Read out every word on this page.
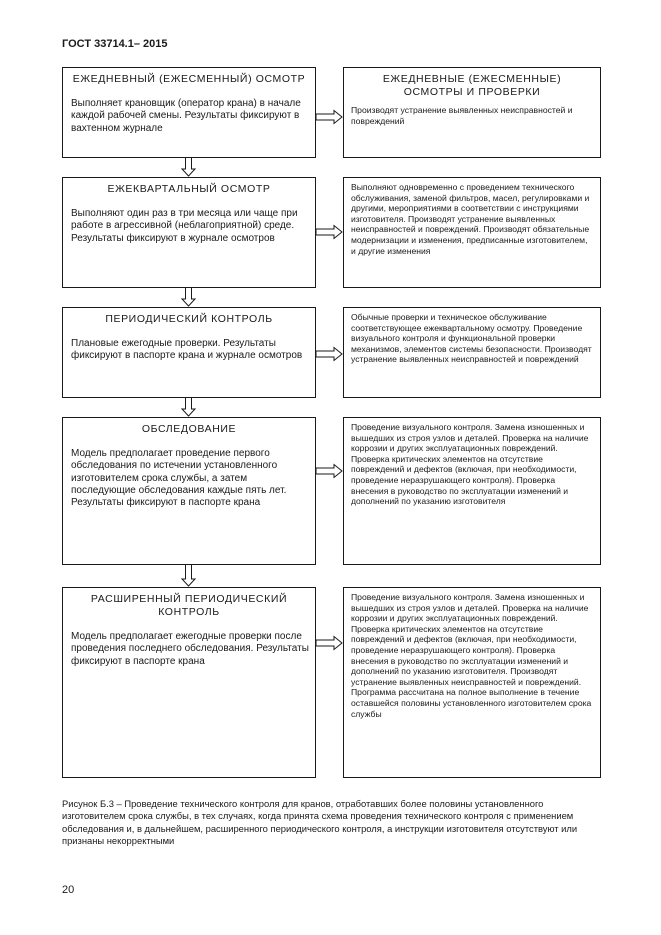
ГОСТ 33714.1– 2015
ЕЖЕДНЕВНЫЙ (ЕЖЕСМЕННЫЙ) ОСМОТР
Выполняет крановщик (оператор крана) в начале каждой рабочей смены. Результаты фиксируют в вахтенном журнале
ЕЖЕДНЕВНЫЕ (ЕЖЕСМЕННЫЕ) ОСМОТРЫ И ПРОВЕРКИ
Производят устранение выявленных неисправностей и повреждений
ЕЖЕКВАРТАЛЬНЫЙ ОСМОТР
Выполняют один раз в три месяца или чаще при работе в агрессивной (неблагоприятной) среде. Результаты фиксируют в журнале осмотров
Выполняют одновременно с проведением технического обслуживания, заменой фильтров, масел, регулировками и другими, мероприятиями в соответствии с инструкциями изготовителя. Производят устранение выявленных неисправностей и повреждений. Производят обязательные модернизации и изменения, предписанные изготовителем, и другие изменения
ПЕРИОДИЧЕСКИЙ КОНТРОЛЬ
Плановые ежегодные проверки. Результаты фиксируют в паспорте крана и журнале осмотров
Обычные проверки и техническое обслуживание соответствующее ежеквартальному осмотру. Проведение визуального контроля и функциональной проверки механизмов, элементов системы безопасности. Производят устранение выявленных неисправностей и повреждений
ОБСЛЕДОВАНИЕ
Модель предполагает проведение первого обследования по истечении установленного изготовителем срока службы, а затем последующие обследования каждые пять лет. Результаты фиксируют в паспорте крана
Проведение визуального контроля. Замена изношенных и вышедших из строя узлов и деталей. Проверка на наличие коррозии и других эксплуатационных повреждений. Проверка критических элементов на отсутствие повреждений и дефектов (включая, при необходимости, проведение неразрушающего контроля). Проверка внесения в руководство по эксплуатации изменений и дополнений по указанию изготовителя
РАСШИРЕННЫЙ ПЕРИОДИЧЕСКИЙ КОНТРОЛЬ
Модель предполагает ежегодные проверки после проведения последнего обследования. Результаты фиксируют в паспорте крана
Проведение визуального контроля. Замена изношенных и вышедших из строя узлов и деталей. Проверка на наличие коррозии и других эксплуатационных повреждений. Проверка критических элементов на отсутствие повреждений и дефектов (включая, при необходимости, проведение неразрушающего контроля). Проверка внесения в руководство по эксплуатации изменений и дополнений по указанию изготовителя. Производят устранение выявленных неисправностей и повреждений. Программа рассчитана на полное выполнение в течение оставшейся половины установленного изготовителем срока службы
Рисунок Б.3 – Проведение технического контроля для кранов, отработавших более половины установленного изготовителем срока службы, в тех случаях, когда принята схема проведения технического контроля с применением обследования и, в дальнейшем, расширенного периодического контроля, а инструкции изготовителя отсутствуют или признаны некорректными
20
